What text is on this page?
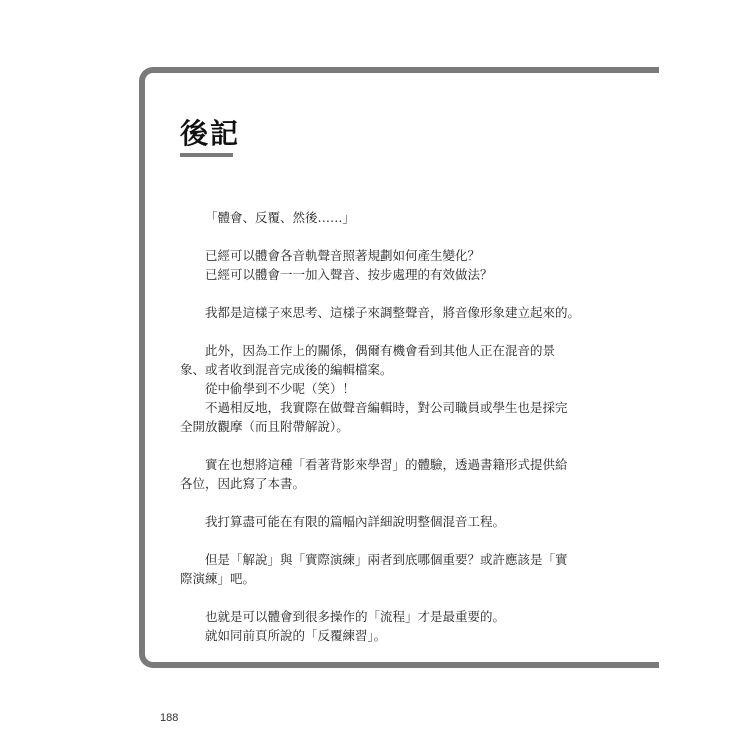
後記

「體會、反覆、然後……」

已經可以體會各音軌聲音照著規劃如何產生變化？
已經可以體會一一加入聲音、按步處理的有效做法？

我都是這樣子來思考、這樣子來調整聲音，將音像形象建立起來的。

此外，因為工作上的關係，偶爾有機會看到其他人正在混音的景
象、或者收到混音完成後的編輯檔案。
從中偷學到不少呢（笑）！
不過相反地，我實際在做聲音編輯時，對公司職員或學生也是採完
全開放觀摩（而且附帶解說）。

實在也想將這種「看著背影來學習」的體驗，透過書籍形式提供給
各位，因此寫了本書。

我打算盡可能在有限的篇幅內詳細說明整個混音工程。

但是「解說」與「實際演練」兩者到底哪個重要？或許應該是「實
際演練」吧。

也就是可以體會到很多操作的「流程」才是最重要的。
就如同前頁所說的「反覆練習」。

188
